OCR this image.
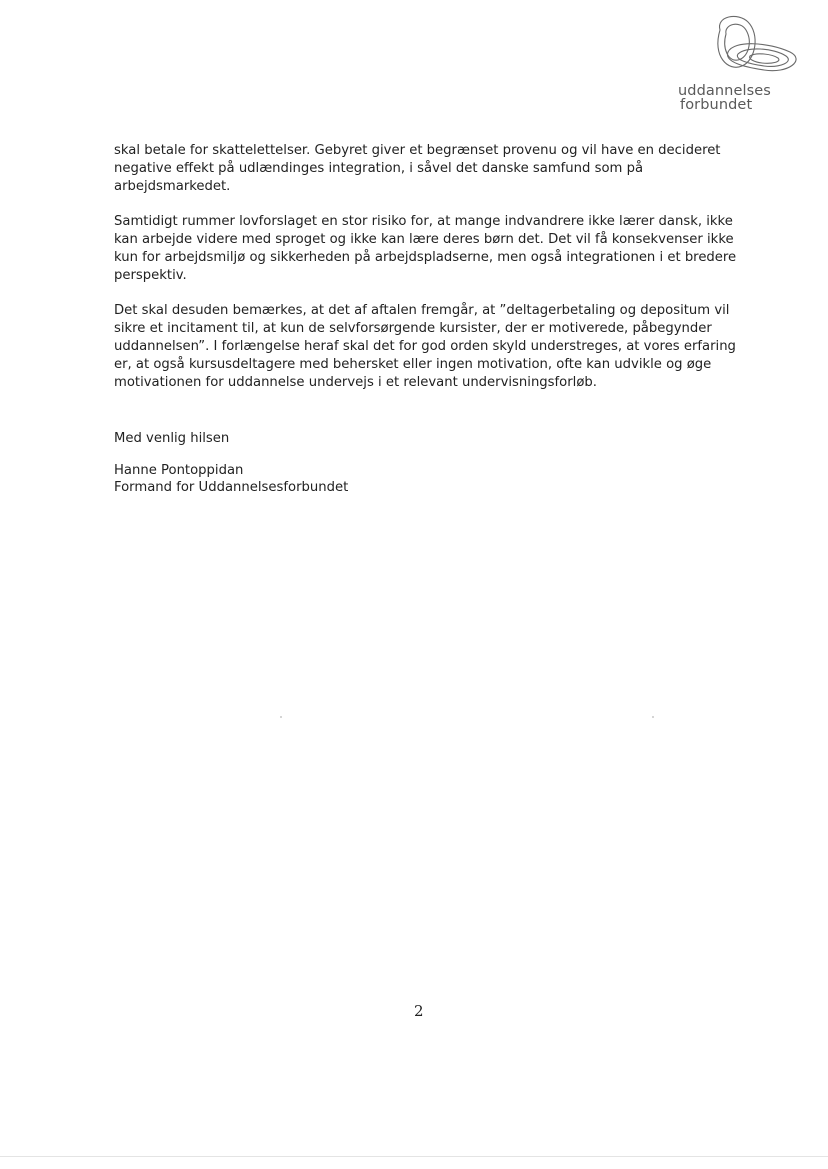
uddannelses
forbundet

skal betale for skattelettelser. Gebyret giver et begrænset provenu og vil have en decideret negative effekt på udlændinges integration, i såvel det danske samfund som på arbejdsmarkedet.

Samtidigt rummer lovforslaget en stor risiko for, at mange indvandrere ikke lærer dansk, ikke kan arbejde videre med sproget og ikke kan lære deres børn det. Det vil få konsekvenser ikke kun for arbejdsmiljø og sikkerheden på arbejdspladserne, men også integrationen i et bredere perspektiv.

Det skal desuden bemærkes, at det af aftalen fremgår, at ”deltagerbetaling og depositum vil sikre et incitament til, at kun de selvforsørgende kursister, der er motiverede, påbegynder uddannelsen”. I forlængelse heraf skal det for god orden skyld understreges, at vores erfaring er, at også kursusdeltagere med behersket eller ingen motivation, ofte kan udvikle og øge motivationen for uddannelse undervejs i et relevant undervisningsforløb.

Med venlig hilsen

Hanne Pontoppidan

Formand for Uddannelsesforbundet

2
